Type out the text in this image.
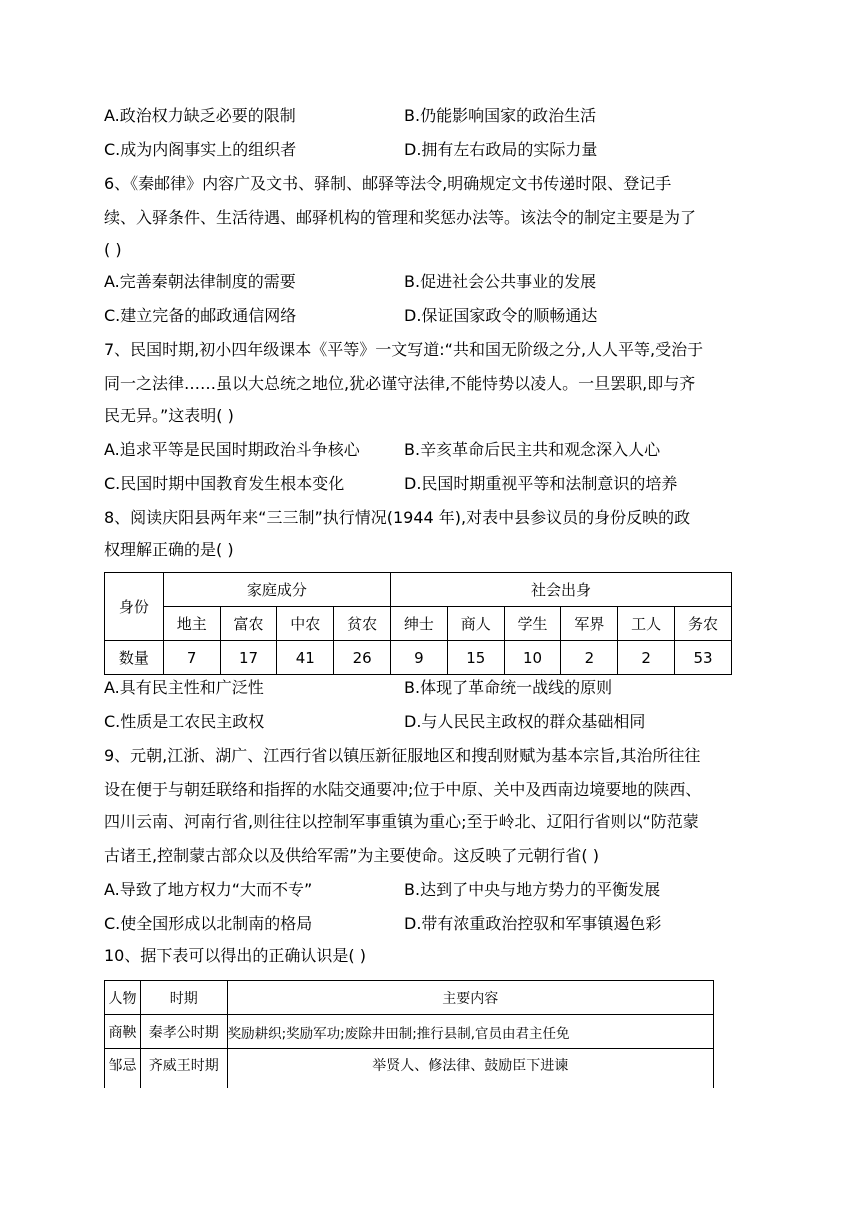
A.政治权力缺乏必要的限制	B.仍能影响国家的政治生活
C.成为内阁事实上的组织者	D.拥有左右政局的实际力量
6、《秦邮律》内容广及文书、驿制、邮驿等法令,明确规定文书传递时限、登记手
续、入驿条件、生活待遇、邮驿机构的管理和奖惩办法等。该法令的制定主要是为了
( )
A.完善秦朝法律制度的需要	B.促进社会公共事业的发展
C.建立完备的邮政通信网络	D.保证国家政令的顺畅通达
7、民国时期,初小四年级课本《平等》一文写道:“共和国无阶级之分,人人平等,受治于
同一之法律……虽以大总统之地位,犹必谨守法律,不能恃势以凌人。一旦罢职,即与齐
民无异。”这表明( )
A.追求平等是民国时期政治斗争核心	B.辛亥革命后民主共和观念深入人心
C.民国时期中国教育发生根本变化	D.民国时期重视平等和法制意识的培养
8、阅读庆阳县两年来“三三制”执行情况(1944 年),对表中县参议员的身份反映的政
权理解正确的是( )
身份	家庭成分				社会出身					
	地主	富农	中农	贫农	绅士	商人	学生	军界	工人	务农
数量	7	17	41	26	9	15	10	2	2	53
A.具有民主性和广泛性	B.体现了革命统一战线的原则
C.性质是工农民主政权	D.与人民民主政权的群众基础相同
9、元朝,江浙、湖广、江西行省以镇压新征服地区和搜刮财赋为基本宗旨,其治所往往
设在便于与朝廷联络和指挥的水陆交通要冲;位于中原、关中及西南边境要地的陕西、
四川云南、河南行省,则往往以控制军事重镇为重心;至于岭北、辽阳行省则以“防范蒙
古诸王,控制蒙古部众以及供给军需”为主要使命。这反映了元朝行省( )
A.导致了地方权力“大而不专”	B.达到了中央与地方势力的平衡发展
C.使全国形成以北制南的格局	D.带有浓重政治控驭和军事镇遏色彩
10、据下表可以得出的正确认识是( )
人物	时期	主要内容
商鞅	秦孝公时期	奖励耕织;奖励军功;废除井田制;推行县制,官员由君主任免
邹忌	齐威王时期	举贤人、修法律、鼓励臣下进谏
